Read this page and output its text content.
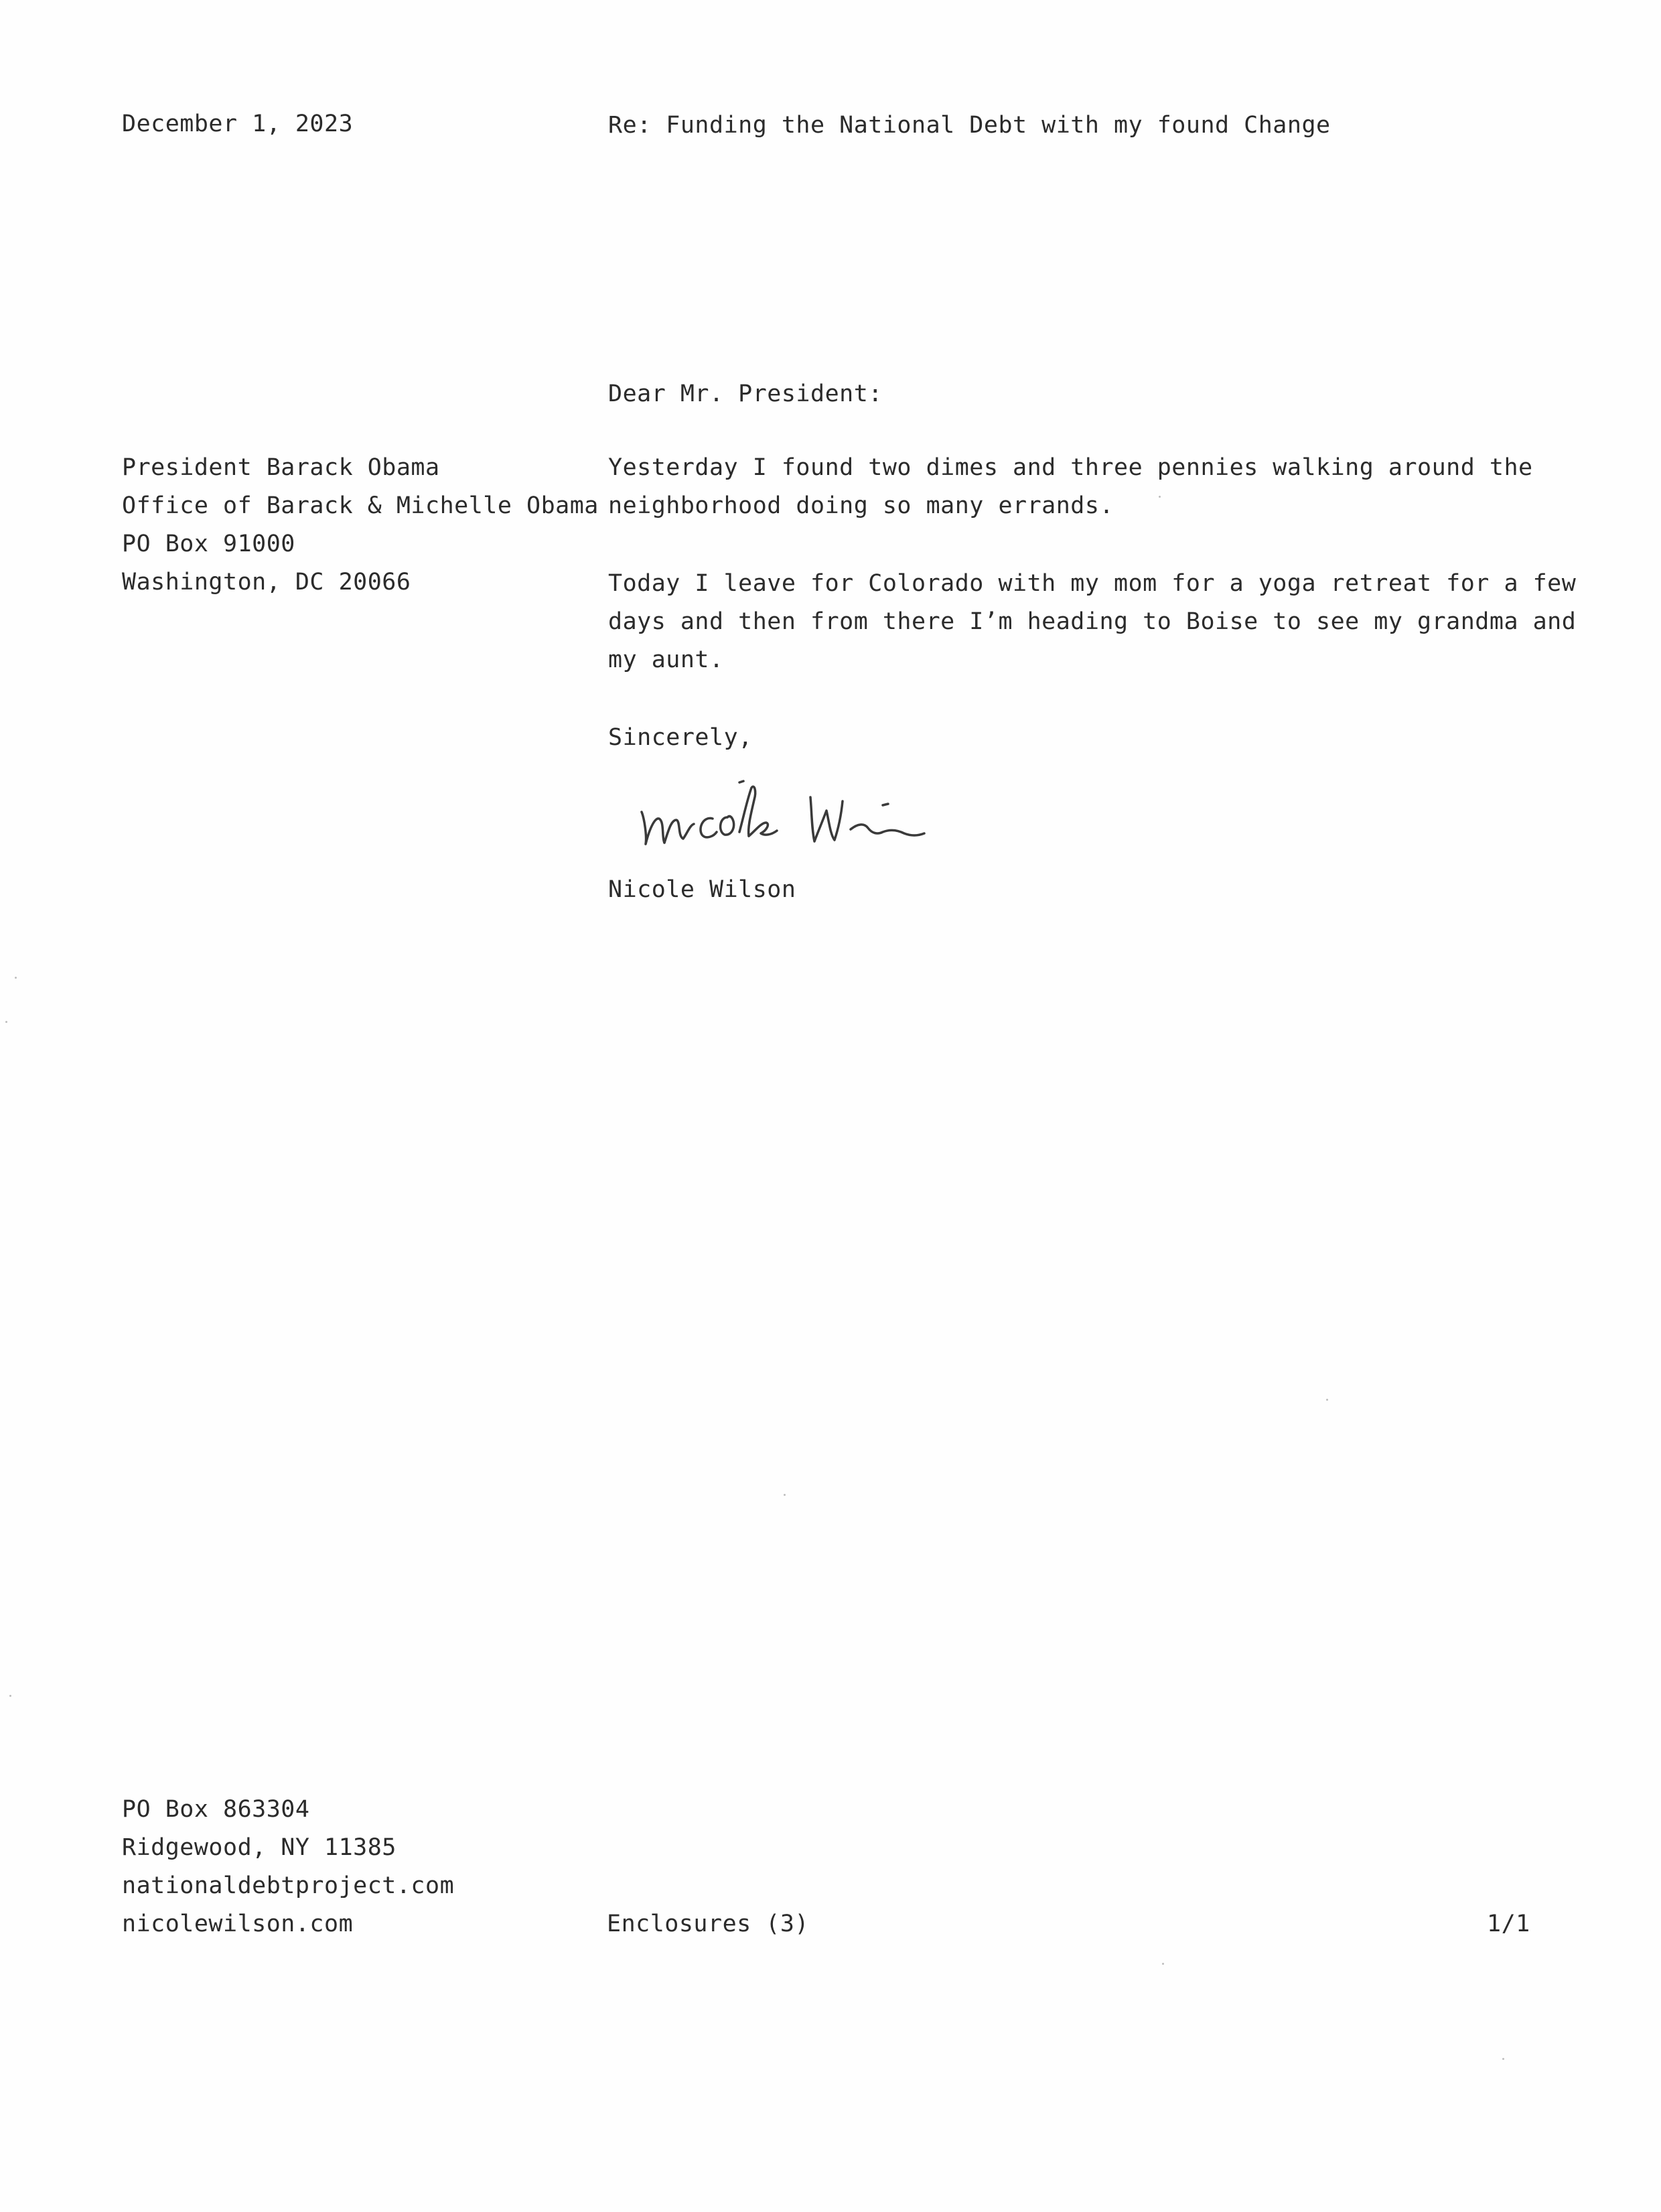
December 1, 2023	Re: Funding the National Debt with my found Change
Dear Mr. President:
President Barack Obama
Office of Barack & Michelle Obama
PO Box 91000
Washington, DC 20066
Yesterday I found two dimes and three pennies walking around the
neighborhood doing so many errands.
Today I leave for Colorado with my mom for a yoga retreat for a few
days and then from there I’m heading to Boise to see my grandma and
my aunt.
Sincerely,
Nicole Wilson
PO Box 863304
Ridgewood, NY 11385
nationaldebtproject.com
nicolewilson.com	Enclosures (3)	1/1
